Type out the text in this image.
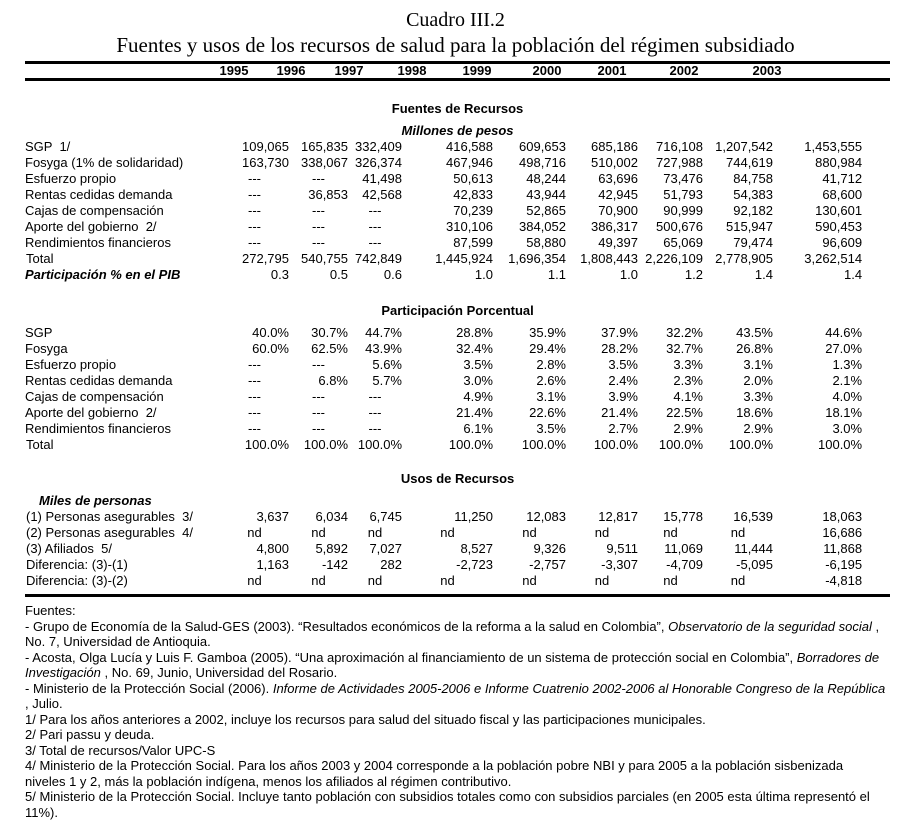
Cuadro III.2
Fuentes y usos de los recursos de salud para la población del régimen subsidiado
1995 1996 1997	1998	1999	2000	2001	2002	2003
Fuentes de Recursos									
Millones de pesos									
SGP  1/	109,065	165,835	332,409	416,588	609,653	685,186	716,108	1,207,542	1,453,555
Fosyga (1% de solidaridad)	163,730	338,067	326,374	467,946	498,716	510,002	727,988	744,619	880,984
Esfuerzo propio	---	---	41,498	50,613	48,244	63,696	73,476	84,758	41,712
Rentas cedidas demanda	---	36,853	42,568	42,833	43,944	42,945	51,793	54,383	68,600
Cajas de compensación	---	---	---	70,239	52,865	70,900	90,999	92,182	130,601
Aporte del gobierno  2/	---	---	---	310,106	384,052	386,317	500,676	515,947	590,453
Rendimientos financieros	---	---	---	87,599	58,880	49,397	65,069	79,474	96,609
Total	272,795	540,755	742,849	1,445,924	1,696,354	1,808,443	2,226,109	2,778,905	3,262,514
Participación % en el PIB	0.3	0.5	0.6	1.0	1.1	1.0	1.2	1.4	1.4
Participación Porcentual									
SGP	40.0%	30.7%	44.7%	28.8%	35.9%	37.9%	32.2%	43.5%	44.6%
Fosyga	60.0%	62.5%	43.9%	32.4%	29.4%	28.2%	32.7%	26.8%	27.0%
Esfuerzo propio	---	---	5.6%	3.5%	2.8%	3.5%	3.3%	3.1%	1.3%
Rentas cedidas demanda	---	6.8%	5.7%	3.0%	2.6%	2.4%	2.3%	2.0%	2.1%
Cajas de compensación	---	---	---	4.9%	3.1%	3.9%	4.1%	3.3%	4.0%
Aporte del gobierno  2/	---	---	---	21.4%	22.6%	21.4%	22.5%	18.6%	18.1%
Rendimientos financieros	---	---	---	6.1%	3.5%	2.7%	2.9%	2.9%	3.0%
Total	100.0%	100.0%	100.0%	100.0%	100.0%	100.0%	100.0%	100.0%	100.0%
Usos de Recursos									
Miles de personas									
(1) Personas asegurables  3/	3,637	6,034	6,745	11,250	12,083	12,817	15,778	16,539	18,063
(2) Personas asegurables  4/	nd	nd	nd	nd	nd	nd	nd	nd	16,686
(3) Afiliados  5/	4,800	5,892	7,027	8,527	9,326	9,511	11,069	11,444	11,868
Diferencia: (3)-(1)	1,163	-142	282	-2,723	-2,757	-3,307	-4,709	-5,095	-6,195
Diferencia: (3)-(2)	nd	nd	nd	nd	nd	nd	nd	nd	-4,818

Fuentes:

- Grupo de Economía de la Salud-GES (2003). “Resultados económicos de la reforma a la salud en Colombia”, Observatorio de la seguridad social , No. 7, Universidad de Antioquia.

- Acosta, Olga Lucía y Luis F. Gamboa (2005). “Una aproximación al financiamiento de un sistema de protección social en Colombia”, Borradores de Investigación , No. 69, Junio, Universidad del Rosario.

- Ministerio de la Protección Social (2006). Informe de Actividades 2005-2006 e Informe Cuatrenio 2002-2006 al Honorable Congreso de la República , Julio.

1/ Para los años anteriores a 2002, incluye los recursos para salud del situado fiscal y las participaciones municipales.

2/ Pari passu y deuda.

3/ Total de recursos/Valor UPC-S

4/ Ministerio de la Protección Social. Para los años 2003 y 2004 corresponde a la población pobre NBI y para 2005 a la población sisbenizada niveles 1 y 2, más la población indígena, menos los afiliados al régimen contributivo.

5/ Ministerio de la Protección Social. Incluye tanto población con subsidios totales como con subsidios parciales (en 2005 esta última representó el 11%).
